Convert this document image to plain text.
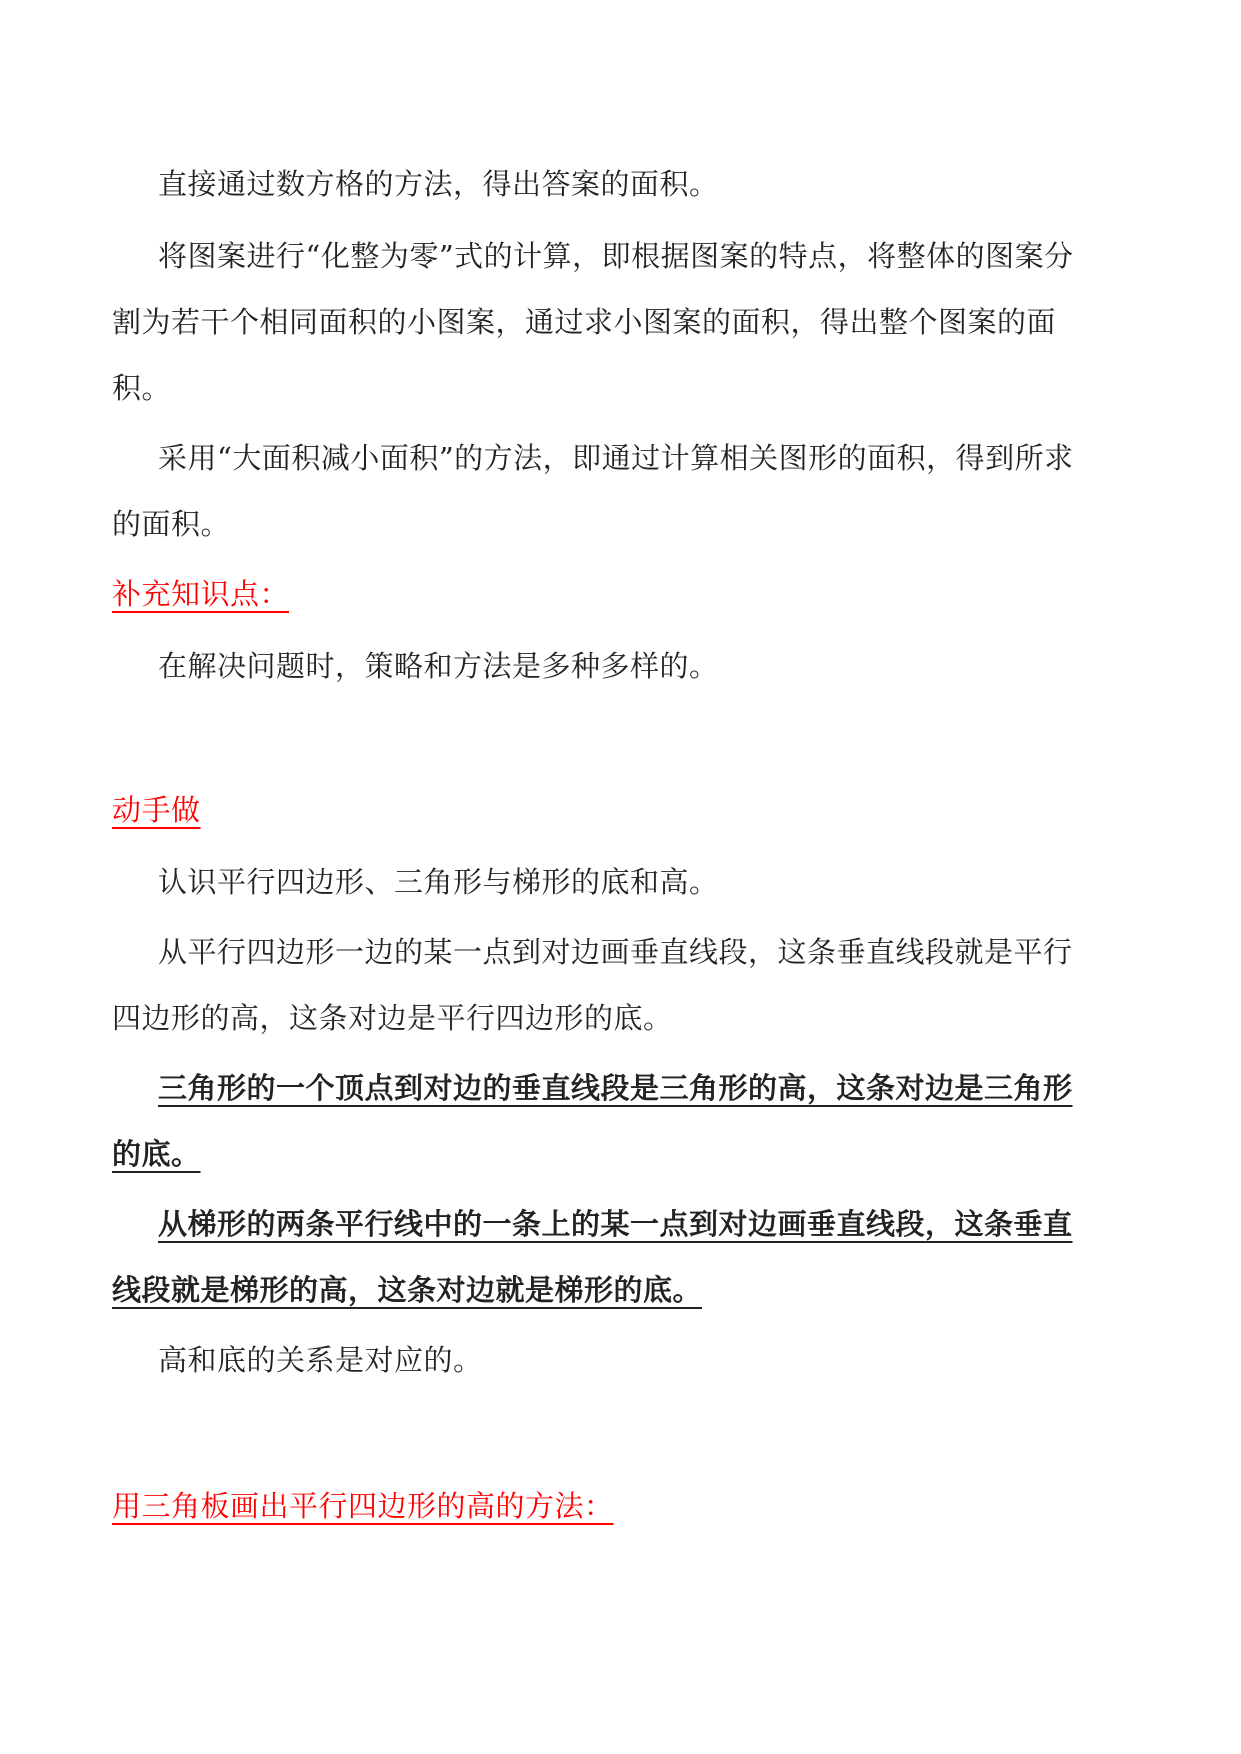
直接通过数方格的方法，得出答案的面积。
将图案进行“化整为零”式的计算，即根据图案的特点，将整体的图案分
割为若干个相同面积的小图案，通过求小图案的面积，得出整个图案的面
积。
采用“大面积减小面积”的方法，即通过计算相关图形的面积，得到所求
的面积。
补充知识点：
在解决问题时，策略和方法是多种多样的。
动手做
认识平行四边形、三角形与梯形的底和高。
从平行四边形一边的某一点到对边画垂直线段，这条垂直线段就是平行
四边形的高，这条对边是平行四边形的底。
三角形的一个顶点到对边的垂直线段是三角形的高，这条对边是三角形
的底。
从梯形的两条平行线中的一条上的某一点到对边画垂直线段，这条垂直
线段就是梯形的高，这条对边就是梯形的底。
高和底的关系是对应的。
用三角板画出平行四边形的高的方法：
